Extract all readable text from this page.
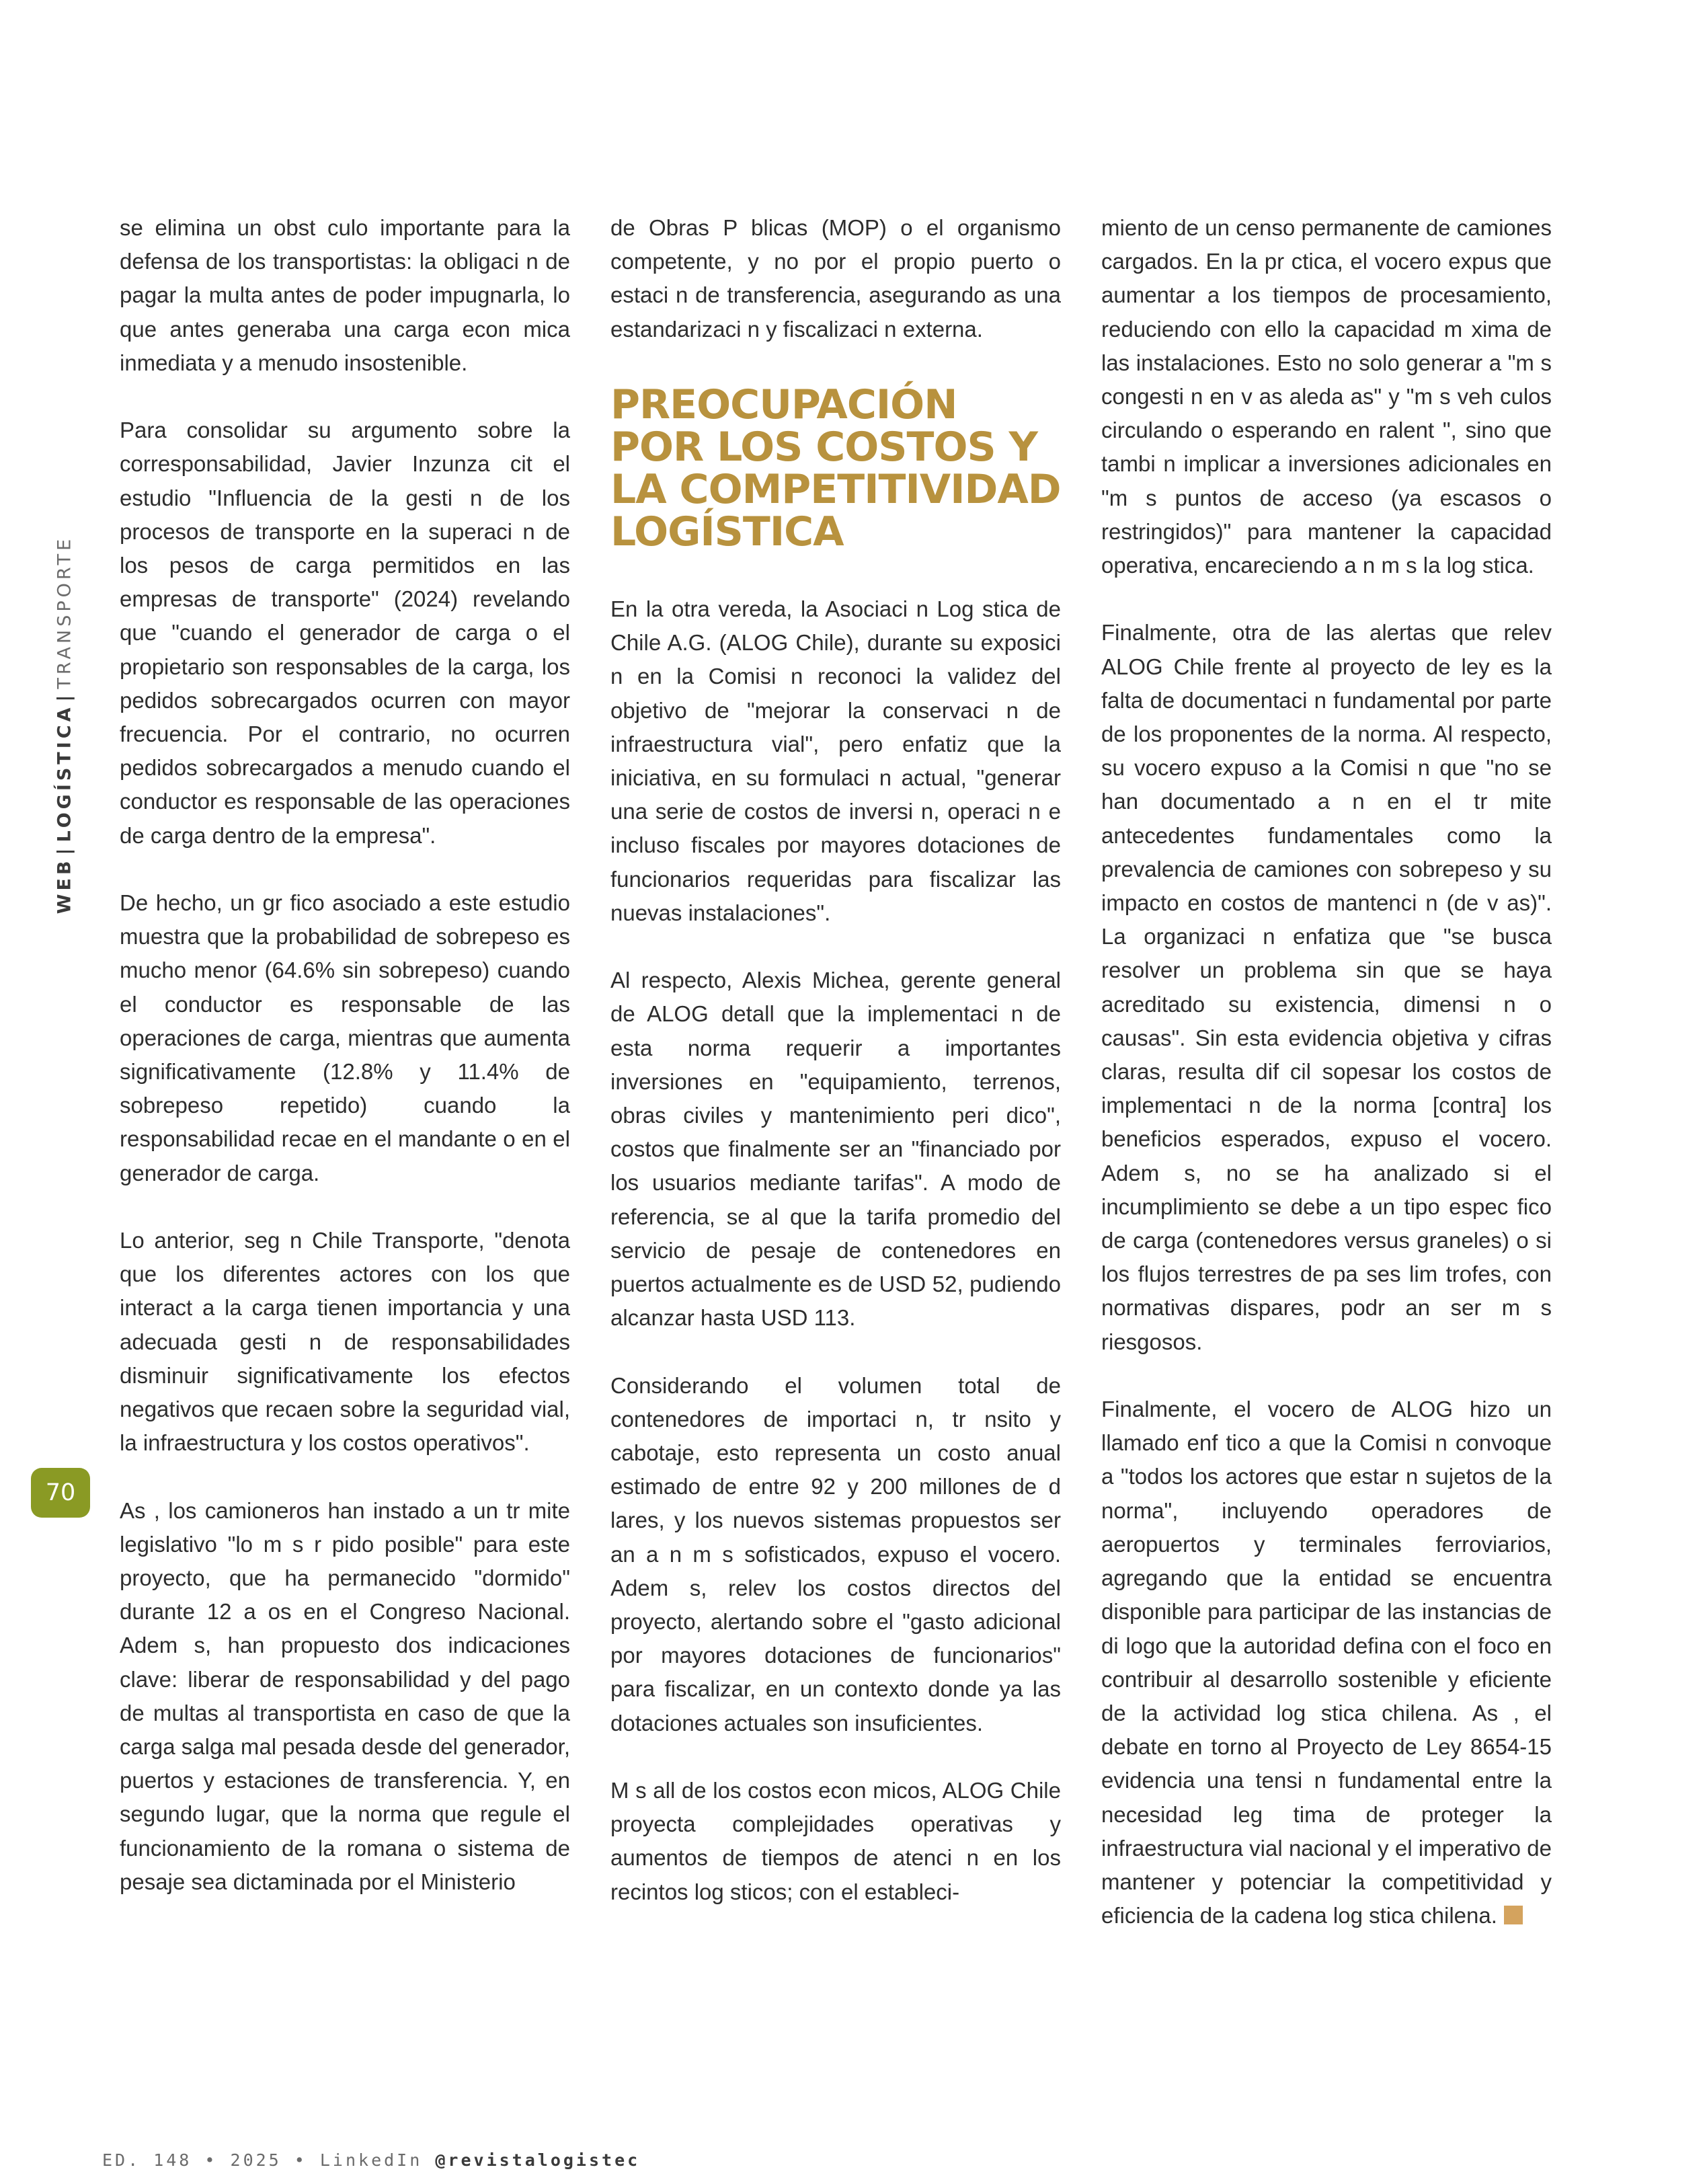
WEB|LOGÍSTICA|TRANSPORTE
70

se elimina un obst culo importante para la defensa de los transportistas: la obligaci n de pagar la multa antes de poder impugnarla, lo que antes generaba una carga econ mica inmediata y a menudo insostenible.

Para consolidar su argumento sobre la corresponsabilidad, Javier Inzunza cit el estudio "Influencia de la gesti n de los procesos de transporte en la superaci n de los pesos de carga permitidos en las empresas de transporte" (2024) revelando que "cuando el generador de carga o el propietario son responsables de la carga, los pedidos sobrecargados ocurren con mayor frecuencia. Por el contrario, no ocurren pedidos sobrecargados a menudo cuando el conductor es responsable de las operaciones de carga dentro de la empresa".

De hecho, un gr fico asociado a este estudio muestra que la probabilidad de sobrepeso es mucho menor (64.6% sin sobrepeso) cuando el conductor es responsable de las operaciones de carga, mientras que aumenta significativamente (12.8% y 11.4% de sobrepeso repetido) cuando la responsabilidad recae en el mandante o en el generador de carga.

Lo anterior, seg n Chile Transporte, "denota que los diferentes actores con los que interact a la carga tienen importancia y una adecuada gesti n de responsabilidades disminuir significativamente los efectos negativos que recaen sobre la seguridad vial, la infraestructura y los costos operativos".

As , los camioneros han instado a un tr mite legislativo "lo m s r pido posible" para este proyecto, que ha permanecido "dormido" durante 12 a os en el Congreso Nacional. Adem s, han propuesto dos indicaciones clave: liberar de responsabilidad y del pago de multas al transportista en caso de que la carga salga mal pesada desde del generador, puertos y estaciones de transferencia. Y, en segundo lugar, que la norma que regule el funcionamiento de la romana o sistema de pesaje sea dictaminada por el Ministerio

de Obras P blicas (MOP) o el organismo competente, y no por el propio puerto o estaci n de transferencia, asegurando as una estandarizaci n y fiscalizaci n externa.

PREOCUPACIÓN POR LOS COSTOS Y LA COMPETITIVIDAD LOGÍSTICA

En la otra vereda, la Asociaci n Log stica de Chile A.G. (ALOG Chile), durante su exposici n en la Comisi n reconoci la validez del objetivo de "mejorar la conservaci n de infraestructura vial", pero enfatiz que la iniciativa, en su formulaci n actual, "generar una serie de costos de inversi n, operaci n e incluso fiscales por mayores dotaciones de funcionarios requeridas para fiscalizar las nuevas instalaciones".

Al respecto, Alexis Michea, gerente general de ALOG detall que la implementaci n de esta norma requerir a importantes inversiones en "equipamiento, terrenos, obras civiles y mantenimiento peri dico", costos que finalmente ser an "financiado por los usuarios mediante tarifas". A modo de referencia, se al que la tarifa promedio del servicio de pesaje de contenedores en puertos actualmente es de USD 52, pudiendo alcanzar hasta USD 113.

Considerando el volumen total de contenedores de importaci n, tr nsito y cabotaje, esto representa un costo anual estimado de entre 92 y 200 millones de d lares, y los nuevos sistemas propuestos ser an a n m s sofisticados, expuso el vocero. Adem s, relev los costos directos del proyecto, alertando sobre el "gasto adicional por mayores dotaciones de funcionarios" para fiscalizar, en un contexto donde ya las dotaciones actuales son insuficientes.

M s all de los costos econ micos, ALOG Chile proyecta complejidades operativas y aumentos de tiempos de atenci n en los recintos log sticos; con el estableci-

miento de un censo permanente de camiones cargados. En la pr ctica, el vocero expus que aumentar a los tiempos de procesamiento, reduciendo con ello la capacidad m xima de las instalaciones. Esto no solo generar a "m s congesti n en v as aleda as" y "m s veh culos circulando o esperando en ralent ", sino que tambi n implicar a inversiones adicionales en "m s puntos de acceso (ya escasos o restringidos)" para mantener la capacidad operativa, encareciendo a n m s la log stica.

Finalmente, otra de las alertas que relev ALOG Chile frente al proyecto de ley es la falta de documentaci n fundamental por parte de los proponentes de la norma. Al respecto, su vocero expuso a la Comisi n que "no se han documentado a n en el tr mite antecedentes fundamentales como la prevalencia de camiones con sobrepeso y su impacto en costos de mantenci n (de v as)". La organizaci n enfatiza que "se busca resolver un problema sin que se haya acreditado su existencia, dimensi n o causas". Sin esta evidencia objetiva y cifras claras, resulta dif cil sopesar los costos de implementaci n de la norma [contra] los beneficios esperados, expuso el vocero. Adem s, no se ha analizado si el incumplimiento se debe a un tipo espec fico de carga (contenedores versus graneles) o si los flujos terrestres de pa ses lim trofes, con normativas dispares, podr an ser m s riesgosos.

Finalmente, el vocero de ALOG hizo un llamado enf tico a que la Comisi n convoque a "todos los actores que estar n sujetos de la norma", incluyendo operadores de aeropuertos y terminales ferroviarios, agregando que la entidad se encuentra disponible para participar de las instancias de di logo que la autoridad defina con el foco en contribuir al desarrollo sostenible y eficiente de la actividad log stica chilena. As , el debate en torno al Proyecto de Ley 8654-15 evidencia una tensi n fundamental entre la necesidad leg tima de proteger la infraestructura vial nacional y el imperativo de mantener y potenciar la competitividad y eficiencia de la cadena log stica chilena.

ED. 148 • 2025 • LinkedIn @revistalogistec
